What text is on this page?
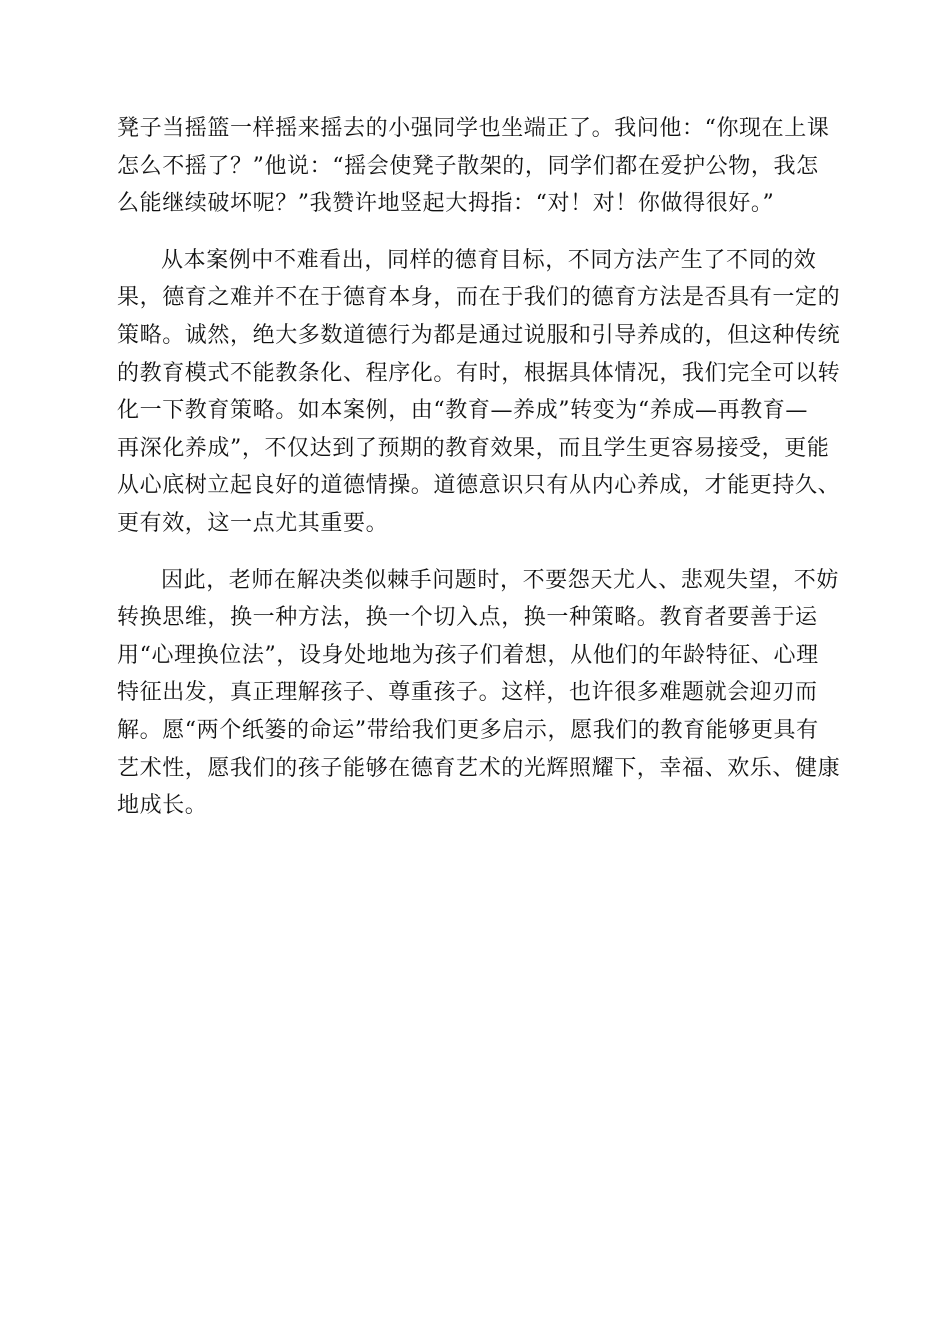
凳子当摇篮一样摇来摇去的小强同学也坐端正了。我问他：“你现在上课
怎么不摇了？”他说：“摇会使凳子散架的，同学们都在爱护公物，我怎
么能继续破坏呢？”我赞许地竖起大拇指：“对！对！你做得很好。”

从本案例中不难看出，同样的德育目标，不同方法产生了不同的效
果，德育之难并不在于德育本身，而在于我们的德育方法是否具有一定的
策略。诚然，绝大多数道德行为都是通过说服和引导养成的，但这种传统
的教育模式不能教条化、程序化。有时，根据具体情况，我们完全可以转
化一下教育策略。如本案例，由“教育—养成”转变为“养成—再教育—
再深化养成”，不仅达到了预期的教育效果，而且学生更容易接受，更能
从心底树立起良好的道德情操。道德意识只有从内心养成，才能更持久、
更有效，这一点尤其重要。

因此，老师在解决类似棘手问题时，不要怨天尤人、悲观失望，不妨
转换思维，换一种方法，换一个切入点，换一种策略。教育者要善于运
用“心理换位法”，设身处地地为孩子们着想，从他们的年龄特征、心理
特征出发，真正理解孩子、尊重孩子。这样，也许很多难题就会迎刃而
解。愿“两个纸篓的命运”带给我们更多启示，愿我们的教育能够更具有
艺术性，愿我们的孩子能够在德育艺术的光辉照耀下，幸福、欢乐、健康
地成长。
